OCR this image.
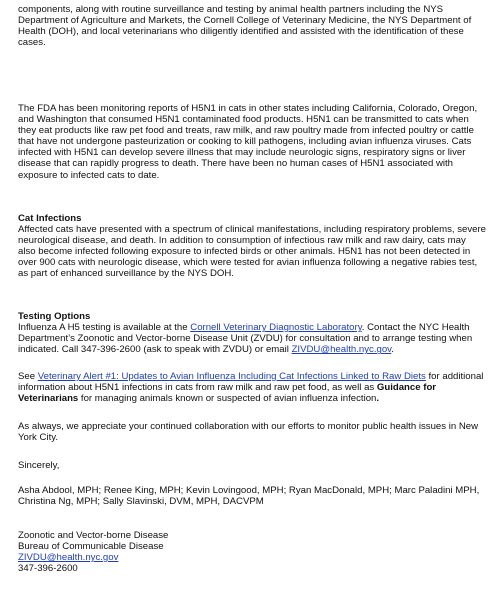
components, along with routine surveillance and testing by animal health partners including the NYS Department of Agriculture and Markets, the Cornell College of Veterinary Medicine, the NYS Department of Health (DOH), and local veterinarians who diligently identified and assisted with the identification of these cases.

The FDA has been monitoring reports of H5N1 in cats in other states including California, Colorado, Oregon, and Washington that consumed H5N1 contaminated food products. H5N1 can be transmitted to cats when they eat products like raw pet food and treats, raw milk, and raw poultry made from infected poultry or cattle that have not undergone pasteurization or cooking to kill pathogens, including avian influenza viruses. Cats infected with H5N1 can develop severe illness that may include neurologic signs, respiratory signs or liver disease that can rapidly progress to death. There have been no human cases of H5N1 associated with exposure to infected cats to date.

Cat Infections

Affected cats have presented with a spectrum of clinical manifestations, including respiratory problems, severe neurological disease, and death. In addition to consumption of infectious raw milk and raw dairy, cats may also become infected following exposure to infected birds or other animals. H5N1 has not been detected in over 900 cats with neurologic disease, which were tested for avian influenza following a negative rabies test, as part of enhanced surveillance by the NYS DOH.

Testing Options

Influenza A H5 testing is available at the Cornell Veterinary Diagnostic Laboratory. Contact the NYC Health Department’s Zoonotic and Vector-borne Disease Unit (ZVDU) for consultation and to arrange testing when indicated. Call 347-396-2600 (ask to speak with ZVDU) or email ZIVDU@health.nyc.gov.

See Veterinary Alert #1: Updates to Avian Influenza Including Cat Infections Linked to Raw Diets for additional information about H5N1 infections in cats from raw milk and raw pet food, as well as Guidance for Veterinarians for managing animals known or suspected of avian influenza infection.

As always, we appreciate your continued collaboration with our efforts to monitor public health issues in New York City.

Sincerely,

Asha Abdool, MPH; Renee King, MPH; Kevin Lovingood, MPH; Ryan MacDonald, MPH; Marc Paladini MPH, Christina Ng, MPH; Sally Slavinski, DVM, MPH, DACVPM

Zoonotic and Vector-borne Disease

Bureau of Communicable Disease

ZIVDU@health.nyc.gov

347-396-2600
